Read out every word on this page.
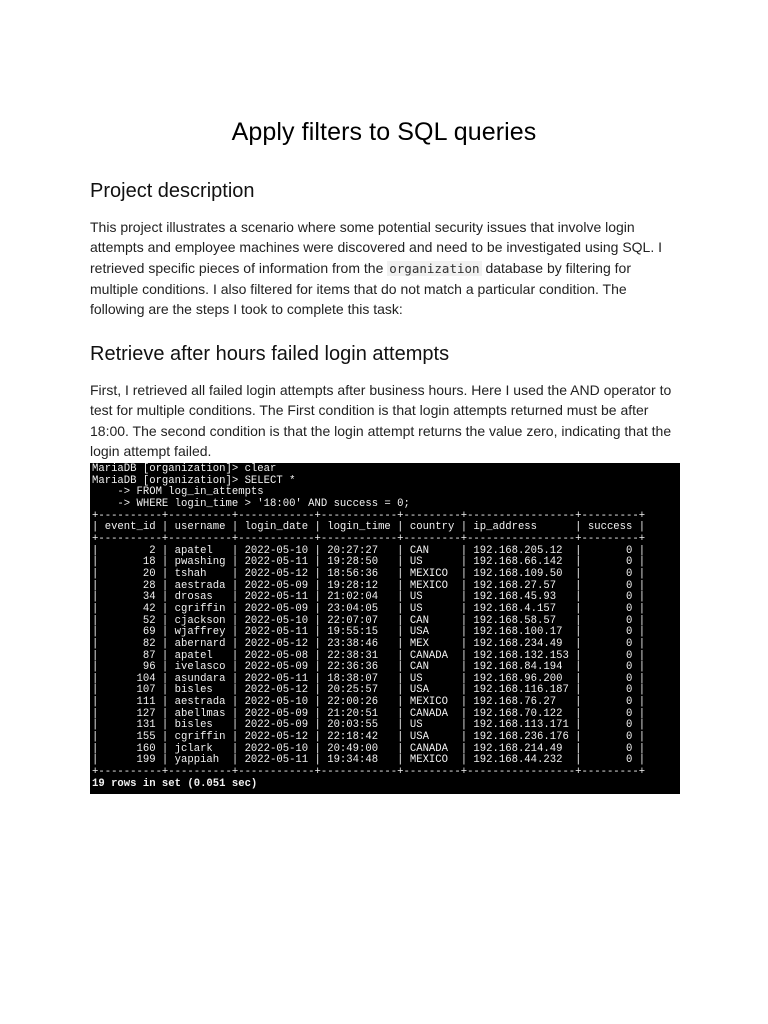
Apply filters to SQL queries
Project description

This project illustrates a scenario where some potential security issues that involve login attempts and employee machines were discovered and need to be investigated using SQL. I retrieved specific pieces of information from the organization database by filtering for multiple conditions. I also filtered for items that do not match a particular condition. The following are the steps I took to complete this task:

Retrieve after hours failed login attempts

First, I retrieved all failed login attempts after business hours. Here I used the AND operator to test for multiple conditions. The First condition is that login attempts returned must be after 18:00. The second condition is that the login attempt returns the value zero, indicating that the login attempt failed.

MariaDB [organization]> clear
MariaDB [organization]> SELECT *
-> FROM log_in_attempts
-> WHERE login_time > '18:00' AND success = 0;
+----------+----------+------------+------------+---------+-----------------+---------+
| event_id | username | login_date | login_time | country | ip_address      | success |
+----------+----------+------------+------------+---------+-----------------+---------+
|        2 | apatel   | 2022-05-10 | 20:27:27   | CAN     | 192.168.205.12  |       0 |
|       18 | pwashing | 2022-05-11 | 19:28:50   | US      | 192.168.66.142  |       0 |
|       20 | tshah    | 2022-05-12 | 18:56:36   | MEXICO  | 192.168.109.50  |       0 |
|       28 | aestrada | 2022-05-09 | 19:28:12   | MEXICO  | 192.168.27.57   |       0 |
|       34 | drosas   | 2022-05-11 | 21:02:04   | US      | 192.168.45.93   |       0 |
|       42 | cgriffin | 2022-05-09 | 23:04:05   | US      | 192.168.4.157   |       0 |
|       52 | cjackson | 2022-05-10 | 22:07:07   | CAN     | 192.168.58.57   |       0 |
|       69 | wjaffrey | 2022-05-11 | 19:55:15   | USA     | 192.168.100.17  |       0 |
|       82 | abernard | 2022-05-12 | 23:38:46   | MEX     | 192.168.234.49  |       0 |
|       87 | apatel   | 2022-05-08 | 22:38:31   | CANADA  | 192.168.132.153 |       0 |
|       96 | ivelasco | 2022-05-09 | 22:36:36   | CAN     | 192.168.84.194  |       0 |
|      104 | asundara | 2022-05-11 | 18:38:07   | US      | 192.168.96.200  |       0 |
|      107 | bisles   | 2022-05-12 | 20:25:57   | USA     | 192.168.116.187 |       0 |
|      111 | aestrada | 2022-05-10 | 22:00:26   | MEXICO  | 192.168.76.27   |       0 |
|      127 | abellmas | 2022-05-09 | 21:20:51   | CANADA  | 192.168.70.122  |       0 |
|      131 | bisles   | 2022-05-09 | 20:03:55   | US      | 192.168.113.171 |       0 |
|      155 | cgriffin | 2022-05-12 | 22:18:42   | USA     | 192.168.236.176 |       0 |
|      160 | jclark   | 2022-05-10 | 20:49:00   | CANADA  | 192.168.214.49  |       0 |
|      199 | yappiah  | 2022-05-11 | 19:34:48   | MEXICO  | 192.168.44.232  |       0 |
+----------+----------+------------+------------+---------+-----------------+---------+
19 rows in set (0.051 sec)
